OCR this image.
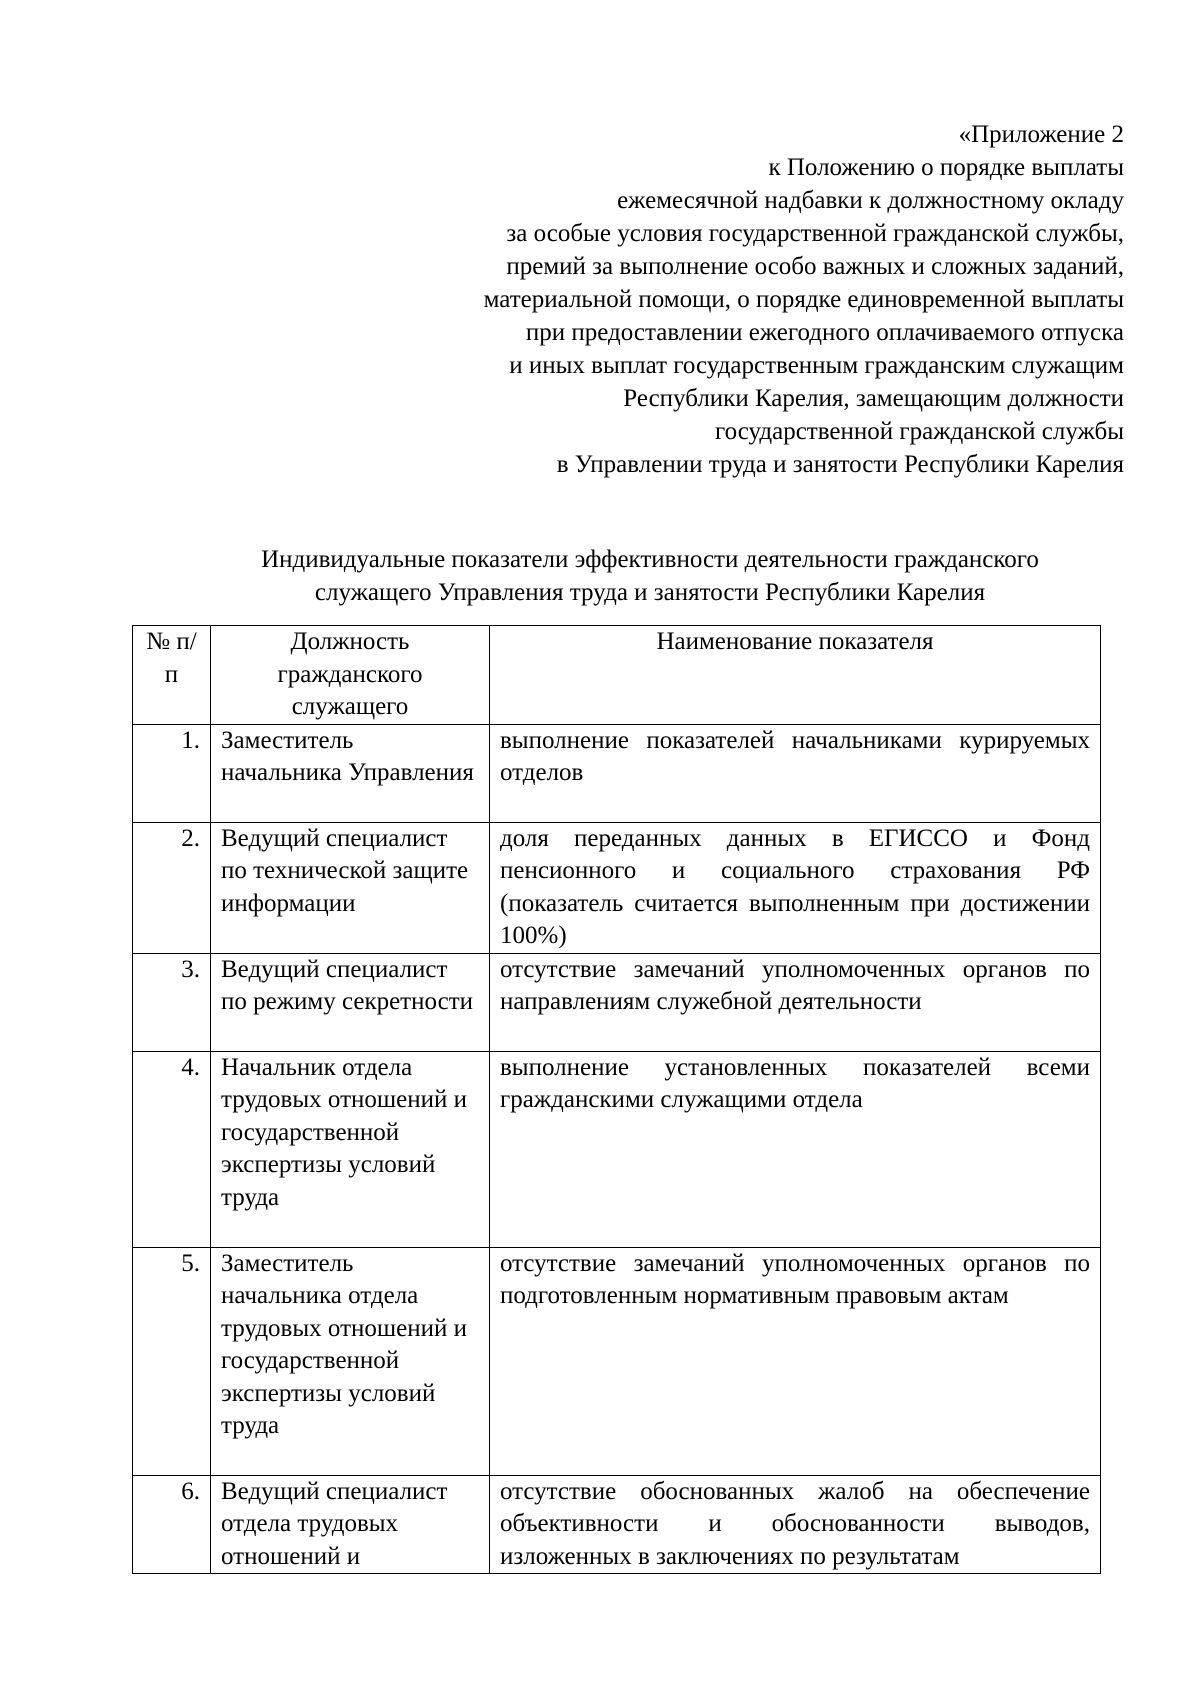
«Приложение 2
к Положению о порядке выплаты
ежемесячной надбавки к должностному окладу
за особые условия государственной гражданской службы,
премий за выполнение особо важных и сложных заданий,
материальной помощи, о порядке единовременной выплаты
при предоставлении ежегодного оплачиваемого отпуска
и иных выплат государственным гражданским служащим
Республики Карелия, замещающим должности
государственной гражданской службы
в Управлении труда и занятости Республики Карелия
Индивидуальные показатели эффективности деятельности гражданского
служащего Управления труда и занятости Республики Карелия
№ п/п	Должность гражданского служащего	Наименование показателя
1.	Заместитель начальника Управления	выполнение показателей начальниками курируемых отделов
2.	Ведущий специалист по технической защите информации	доля переданных данных в ЕГИССО и Фонд пенсионного и социального страхования РФ (показатель считается выполненным при достижении 100%)
3.	Ведущий специалист по режиму секретности	отсутствие замечаний уполномоченных органов по направлениям служебной деятельности
4.	Начальник отдела трудовых отношений и государственной экспертизы условий труда	выполнение установленных показателей всеми гражданскими служащими отдела
5.	Заместитель начальника отдела трудовых отношений и государственной экспертизы условий труда	отсутствие замечаний уполномоченных органов по подготовленным нормативным правовым актам
6.	Ведущий специалист отдела трудовых отношений и	отсутствие обоснованных жалоб на обеспечение объективности и обоснованности выводов, изложенных в заключениях по результатам
